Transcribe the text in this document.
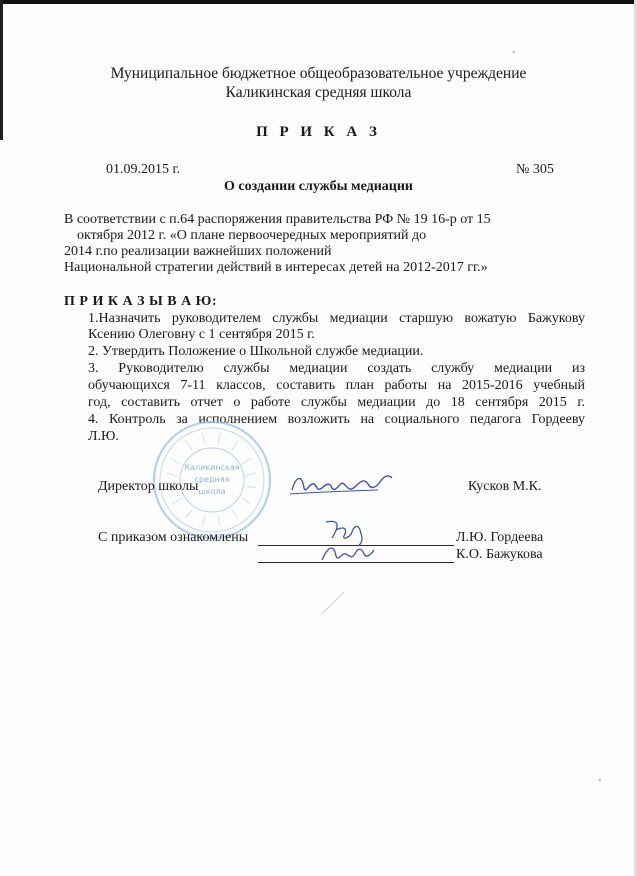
Муниципальное бюджетное общеобразовательное учреждение
Каликинская средняя школа
П Р И К А З
01.09.2015 г.	№ 305
О создании службы медиации
В соответствии с п.64 распоряжения правительства РФ № 19 16-р от 15
октября 2012 г. «О плане первоочередных мероприятий до
2014 г.по реализации важнейших положений
Национальной стратегии действий в интересах детей на 2012-2017 гг.»
П Р И К А З Ы В А Ю:
1.Назначить руководителем службы медиации старшую вожатую Бажукову
Ксению Олеговну с 1 сентября 2015 г.
2. Утвердить Положение о Школьной службе медиации.
3. Руководителю службы медиации создать службу медиации из
обучающихся 7-11 классов, составить план работы на 2015-2016 учебный
год, составить отчет о работе службы медиации до 18 сентября 2015 г.
4. Контроль за исполнением возложить на социального педагога Гордееву
Л.Ю.
Каликинская
средняя
школа
Директор школы	Кусков М.К.
С приказом ознакомлены	Л.Ю. Гордеева
К.О. Бажукова
•
•
